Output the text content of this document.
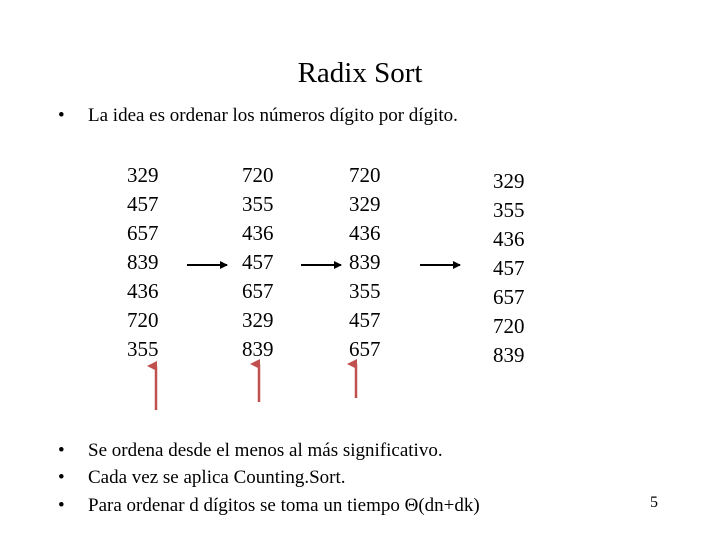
Radix Sort
• La idea es ordenar los números dígito por dígito.
329
457
657
839
436
720
355
720
355
436
457
657
329
839
720
329
436
839
355
457
657
329
355
436
457
657
720
839
• Se ordena desde el menos al más significativo.
• Cada vez se aplica Counting.Sort.
• Para ordenar d dígitos se toma un tiempo Θ(dn+dk)	5
